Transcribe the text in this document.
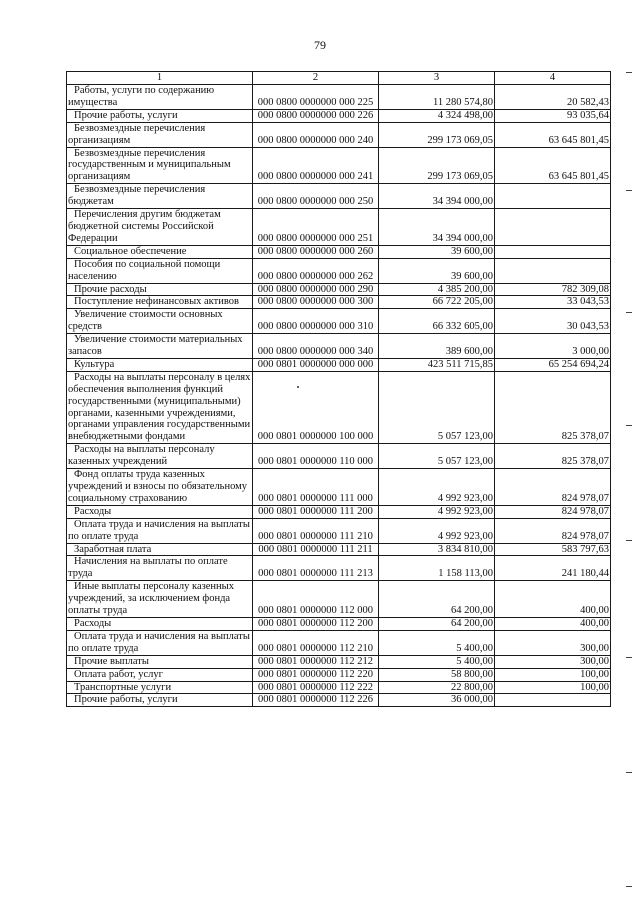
79
1	2	3	4

Работы, услуги по содержанию имущества	000 0800 0000000 000 225	11 280 574,80	20 582,43

Прочие работы, услуги	000 0800 0000000 000 226	4 324 498,00	93 035,64

Безвозмездные перечисления организациям	000 0800 0000000 000 240	299 173 069,05	63 645 801,45

Безвозмездные перечисления государственным и муниципальным организациям	000 0800 0000000 000 241	299 173 069,05	63 645 801,45

Безвозмездные перечисления бюджетам	000 0800 0000000 000 250	34 394 000,00	

Перечисления другим бюджетам бюджетной системы Российской Федерации	000 0800 0000000 000 251	34 394 000,00	

Социальное обеспечение	000 0800 0000000 000 260	39 600,00	

Пособия по социальной помощи населению	000 0800 0000000 000 262	39 600,00	

Прочие расходы	000 0800 0000000 000 290	4 385 200,00	782 309,08

Поступление нефинансовых активов	000 0800 0000000 000 300	66 722 205,00	33 043,53

Увеличение стоимости основных средств	000 0800 0000000 000 310	66 332 605,00	30 043,53

Увеличение стоимости материальных запасов	000 0800 0000000 000 340	389 600,00	3 000,00

Культура	000 0801 0000000 000 000	423 511 715,85	65 254 694,24

Расходы на выплаты персоналу в целях обеспечения выполнения функций государственными (муниципальными) органами, казенными учреждениями, органами управления государственными внебюджетными фондами	000 0801 0000000 100 000	5 057 123,00	825 378,07

Расходы на выплаты персоналу казенных учреждений	000 0801 0000000 110 000	5 057 123,00	825 378,07

Фонд оплаты труда казенных учреждений и взносы по обязательному социальному страхованию	000 0801 0000000 111 000	4 992 923,00	824 978,07

Расходы	000 0801 0000000 111 200	4 992 923,00	824 978,07

Оплата труда и начисления на выплаты по оплате труда	000 0801 0000000 111 210	4 992 923,00	824 978,07

Заработная плата	000 0801 0000000 111 211	3 834 810,00	583 797,63

Начисления на выплаты по оплате труда	000 0801 0000000 111 213	1 158 113,00	241 180,44

Иные выплаты персоналу казенных учреждений, за исключением фонда оплаты труда	000 0801 0000000 112 000	64 200,00	400,00

Расходы	000 0801 0000000 112 200	64 200,00	400,00

Оплата труда и начисления на выплаты по оплате труда	000 0801 0000000 112 210	5 400,00	300,00

Прочие выплаты	000 0801 0000000 112 212	5 400,00	300,00

Оплата работ, услуг	000 0801 0000000 112 220	58 800,00	100,00

Транспортные услуги	000 0801 0000000 112 222	22 800,00	100,00

Прочие работы, услуги	000 0801 0000000 112 226	36 000,00	
